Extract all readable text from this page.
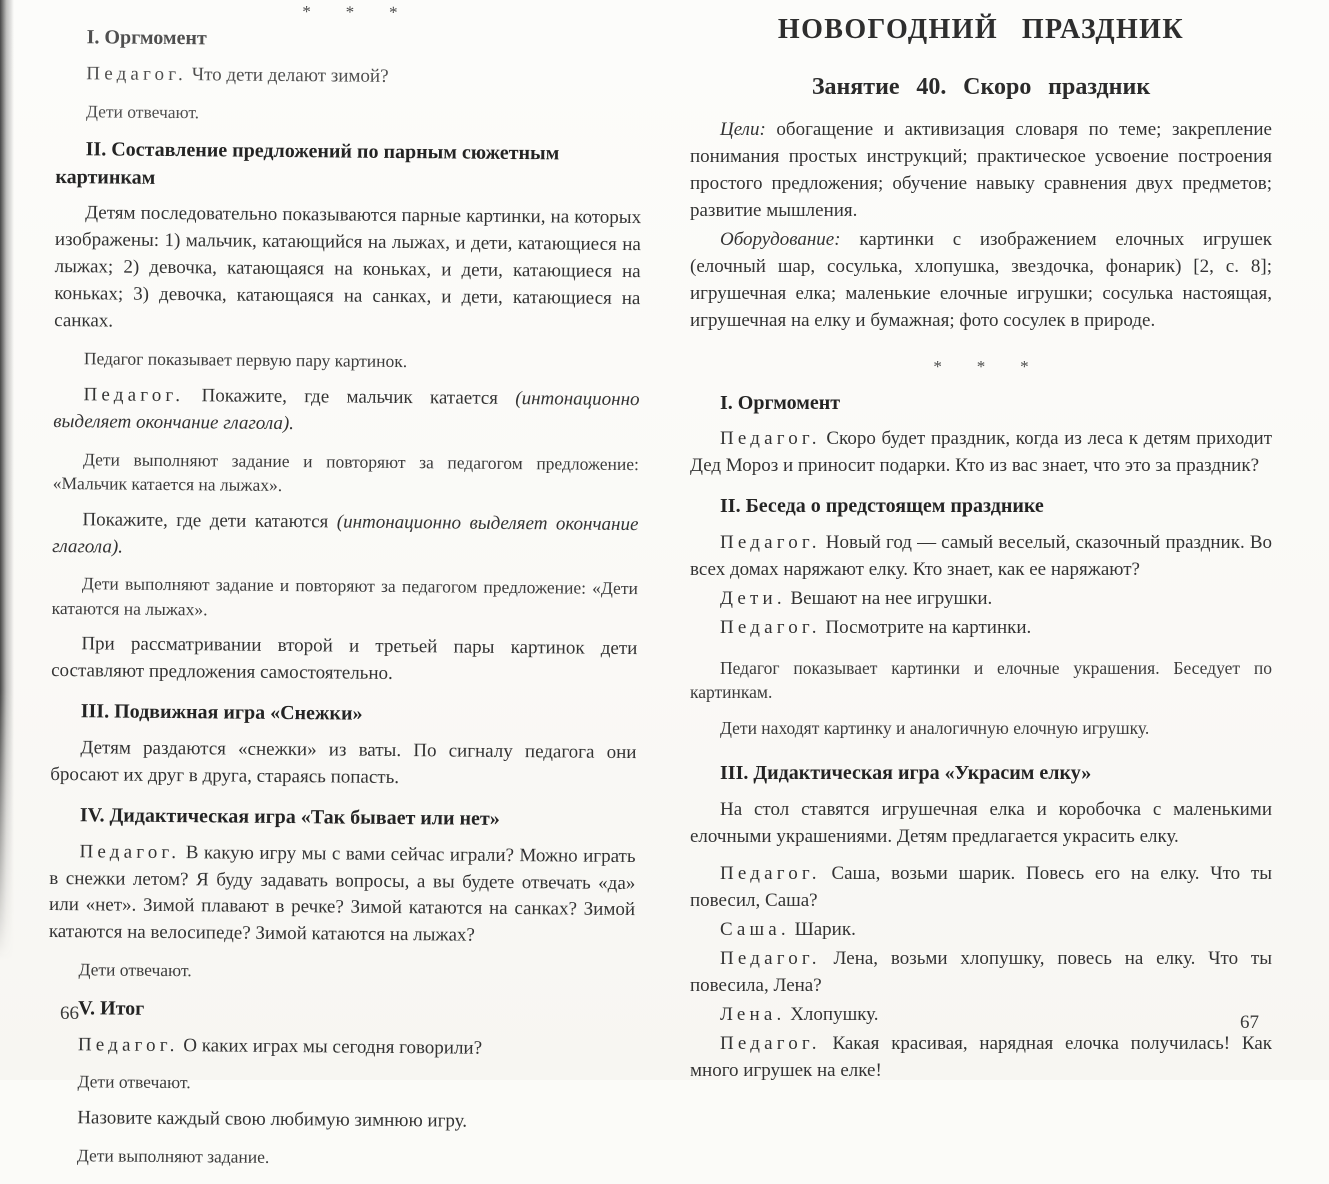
* * *

I. Оргмомент

Педагог. Что дети делают зимой?

Дети отвечают.

II. Составление предложений по парным сюжетным картинкам

Детям последовательно показываются парные картинки, на которых изображены: 1) мальчик, катающийся на лыжах, и дети, катающиеся на лыжах; 2) девочка, катающаяся на коньках, и дети, катающиеся на коньках; 3) девочка, катающаяся на санках, и дети, катающиеся на санках.

Педагог показывает первую пару картинок.

Педагог. Покажите, где мальчик катается (интонационно выделяет окончание глагола).

Дети выполняют задание и повторяют за педагогом предложение: «Мальчик катается на лыжах».

Покажите, где дети катаются (интонационно выделяет окончание глагола).

Дети выполняют задание и повторяют за педагогом предложение: «Дети катаются на лыжах».

При рассматривании второй и третьей пары картинок дети составляют предложения самостоятельно.

III. Подвижная игра «Снежки»

Детям раздаются «снежки» из ваты. По сигналу педагога они бросают их друг в друга, стараясь попасть.

IV. Дидактическая игра «Так бывает или нет»

Педагог. В какую игру мы с вами сейчас играли? Можно играть в снежки летом? Я буду задавать вопросы, а вы будете отвечать «да» или «нет». Зимой плавают в речке? Зимой катаются на санках? Зимой катаются на велосипеде? Зимой катаются на лыжах?

Дети отвечают.

V. Итог

Педагог. О каких играх мы сегодня говорили?

Дети отвечают.

Назовите каждый свою любимую зимнюю игру.

Дети выполняют задание.

НОВОГОДНИЙ ПРАЗДНИК

Занятие 40. Скоро праздник

Цели: обогащение и активизация словаря по теме; закрепление понимания простых инструкций; практическое усвоение построения простого предложения; обучение навыку сравнения двух предметов; развитие мышления.

Оборудование: картинки с изображением елочных игрушек (елочный шар, сосулька, хлопушка, звездочка, фонарик) [2, с. 8]; игрушечная елка; маленькие елочные игрушки; сосулька настоящая, игрушечная на елку и бумажная; фото сосулек в природе.

* * *

I. Оргмомент

Педагог. Скоро будет праздник, когда из леса к детям приходит Дед Мороз и приносит подарки. Кто из вас знает, что это за праздник?

II. Беседа о предстоящем празднике

Педагог. Новый год — самый веселый, сказочный праздник. Во всех домах наряжают елку. Кто знает, как ее наряжают?

Дети. Вешают на нее игрушки.

Педагог. Посмотрите на картинки.

Педагог показывает картинки и елочные украшения. Беседует по картинкам.

Дети находят картинку и аналогичную елочную игрушку.

III. Дидактическая игра «Украсим елку»

На стол ставятся игрушечная елка и коробочка с маленькими елочными украшениями. Детям предлагается украсить елку.

Педагог. Саша, возьми шарик. Повесь его на елку. Что ты повесил, Саша?

Саша. Шарик.

Педагог. Лена, возьми хлопушку, повесь на елку. Что ты повесила, Лена?

Лена. Хлопушку.

Педагог. Какая красивая, нарядная елочка получилась! Как много игрушек на елке!

66	67
